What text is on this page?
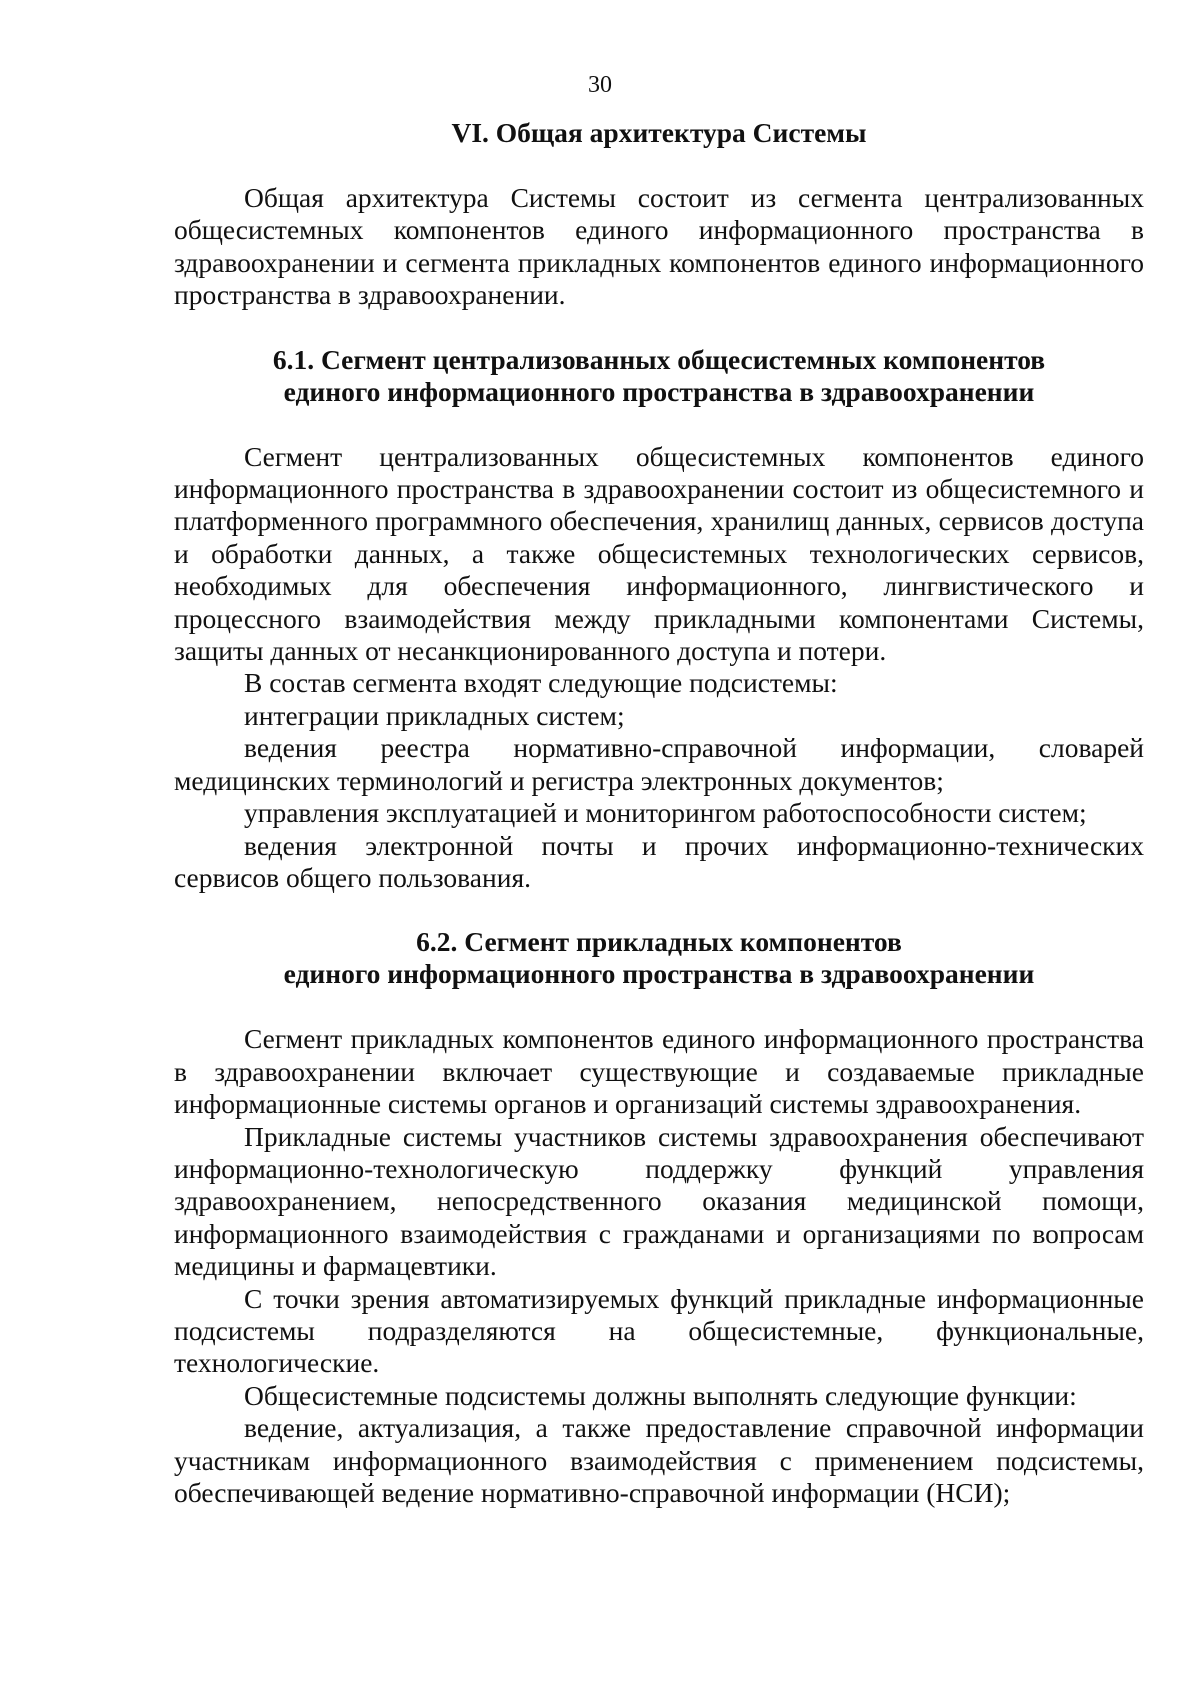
30
VI. Общая архитектура Системы

Общая архитектура Системы состоит из сегмента централизованных общесистемных компонентов единого информационного пространства в здравоохранении и сегмента прикладных компонентов единого информационного пространства в здравоохранении.

6.1. Сегмент централизованных общесистемных компонентов
единого информационного пространства в здравоохранении

Сегмент централизованных общесистемных компонентов единого информационного пространства в здравоохранении состоит из общесистемного и платформенного программного обеспечения, хранилищ данных, сервисов доступа и обработки данных, а также общесистемных технологических сервисов, необходимых для обеспечения информационного, лингвистического и процессного взаимодействия между прикладными компонентами Системы, защиты данных от несанкционированного доступа и потери.

В состав сегмента входят следующие подсистемы:

интеграции прикладных систем;

ведения реестра нормативно-справочной информации, словарей медицинских терминологий и регистра электронных документов;

управления эксплуатацией и мониторингом работоспособности систем;

ведения электронной почты и прочих информационно-технических сервисов общего пользования.

6.2. Сегмент прикладных компонентов
единого информационного пространства в здравоохранении

Сегмент прикладных компонентов единого информационного пространства в здравоохранении включает существующие и создаваемые прикладные информационные системы органов и организаций системы здравоохранения.

Прикладные системы участников системы здравоохранения обеспечивают информационно-технологическую поддержку функций управления здравоохранением, непосредственного оказания медицинской помощи, информационного взаимодействия с гражданами и организациями по вопросам медицины и фармацевтики.

С точки зрения автоматизируемых функций прикладные информационные подсистемы подразделяются на общесистемные, функциональные, технологические.

Общесистемные подсистемы должны выполнять следующие функции:

ведение, актуализация, а также предоставление справочной информации участникам информационного взаимодействия с применением подсистемы, обеспечивающей ведение нормативно-справочной информации (НСИ);
